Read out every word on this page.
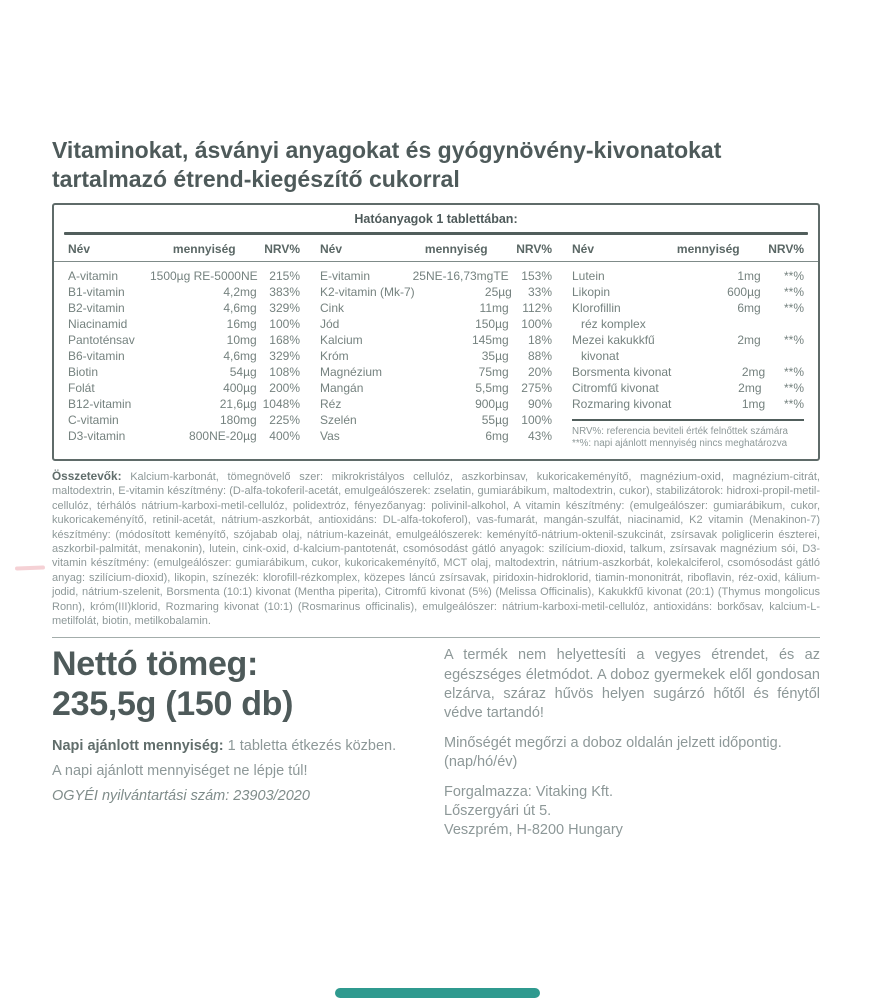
Vitaminokat, ásványi anyagokat és gyógynövény-kivonatokat tartalmazó étrend-kiegészítő cukorral
Hatóanyagok 1 tablettában:
Név	mennyiség	NRV% Név	mennyiség	NRV% Név	mennyiség	NRV%
A-vitamin	1500µg RE-5000NE 215%
B1-vitamin	4,2mg	383%
B2-vitamin	4,6mg	329%
Niacinamid	16mg	100%
Pantoténsav	10mg	168%
B6-vitamin	4,6mg	329%
Biotin	54µg	108%
Folát	400µg	200%
B12-vitamin	21,6µg 1048%
C-vitamin	180mg	225%
D3-vitamin	800NE-20µg	400%
E-vitamin	25NE-16,73mgTE	153%
K2-vitamin (Mk-7)	25µg	33%
Cink	11mg	112%
Jód	150µg	100%
Kalcium	145mg	18%
Króm	35µg	88%
Magnézium	75mg	20%
Mangán	5,5mg	275%
Réz	900µg	90%
Szelén	55µg	100%
Vas	6mg	43%
Lutein	1mg	**%
Likopin	600µg	**%
Klorofillin	6mg	**%
réz komplex
Mezei kakukkfű	2mg	**%
kivonat
Borsmenta kivonat	2mg	**%
Citromfű kivonat	2mg	**%
Rozmaring kivonat	1mg	**%
NRV%: referencia beviteli érték felnőttek számára
**%: napi ajánlott mennyiség nincs meghatározva

Összetevők: Kalcium-karbonát, tömegnövelő szer: mikrokristályos cellulóz, aszkorbinsav, kukoricakeményítő, magnézium-oxid, magnézium-citrát, maltodextrin, E-vitamin készítmény: (D-alfa-tokoferil-acetát, emulgeálószerek: zselatin, gumiarábikum, maltodextrin, cukor), stabilizátorok: hidroxi-propil-metil-cellulóz, térhálós nátrium-karboxi-metil-cellulóz, polidextróz, fényezőanyag: polivinil-alkohol, A vitamin készítmény: (emulgeálószer: gumiarábikum, cukor, kukoricakeményítő, retinil-acetát, nátrium-aszkorbát, antioxidáns: DL-alfa-tokoferol), vas-fumarát, mangán-szulfát, niacinamid, K2 vitamin (Menakinon-7) készítmény: (módosított keményítő, szójabab olaj, nátrium-kazeinát, emulgeálószerek: keményítő-nátrium-oktenil-szukcinát, zsírsavak poliglicerin észterei, aszkorbil-palmitát, menakonin), lutein, cink-oxid, d-kalcium-pantotenát, csomósodást gátló anyagok: szilícium-dioxid, talkum, zsírsavak magnézium sói, D3-vitamin készítmény: (emulgeálószer: gumiarábikum, cukor, kukoricakeményítő, MCT olaj, maltodextrin, nátrium-aszkorbát, kolekalciferol, csomósodást gátló anyag: szilícium-dioxid), likopin, színezék: klorofill-rézkomplex, közepes láncú zsírsavak, piridoxin-hidroklorid, tiamin-mononitrát, riboflavin, réz-oxid, kálium-jodid, nátrium-szelenit, Borsmenta (10:1) kivonat (Mentha piperita), Citromfű kivonat (5%) (Melissa Officinalis), Kakukkfű kivonat (20:1) (Thymus mongolicus Ronn), króm(III)klorid, Rozmaring kivonat (10:1) (Rosmarinus officinalis), emulgeálószer: nátrium-karboxi-metil-cellulóz, antioxidáns: borkősav, kalcium-L-metilfolát, biotin, metilkobalamin.

Nettó tömeg:
235,5g (150 db)

Napi ajánlott mennyiség: 1 tabletta étkezés közben.

A napi ajánlott mennyiséget ne lépje túl!

OGYÉI nyilvántartási szám: 23903/2020

A termék nem helyettesíti a vegyes étrendet, és az egészséges életmódot. A doboz gyermekek elől gondosan elzárva, száraz hűvös helyen sugárzó hőtől és fénytől védve tartandó!

Minőségét megőrzi a doboz oldalán jelzett időpontig. (nap/hó/év)

Forgalmazza: Vitaking Kft.
Lőszergyári út 5.
Veszprém, H-8200 Hungary
